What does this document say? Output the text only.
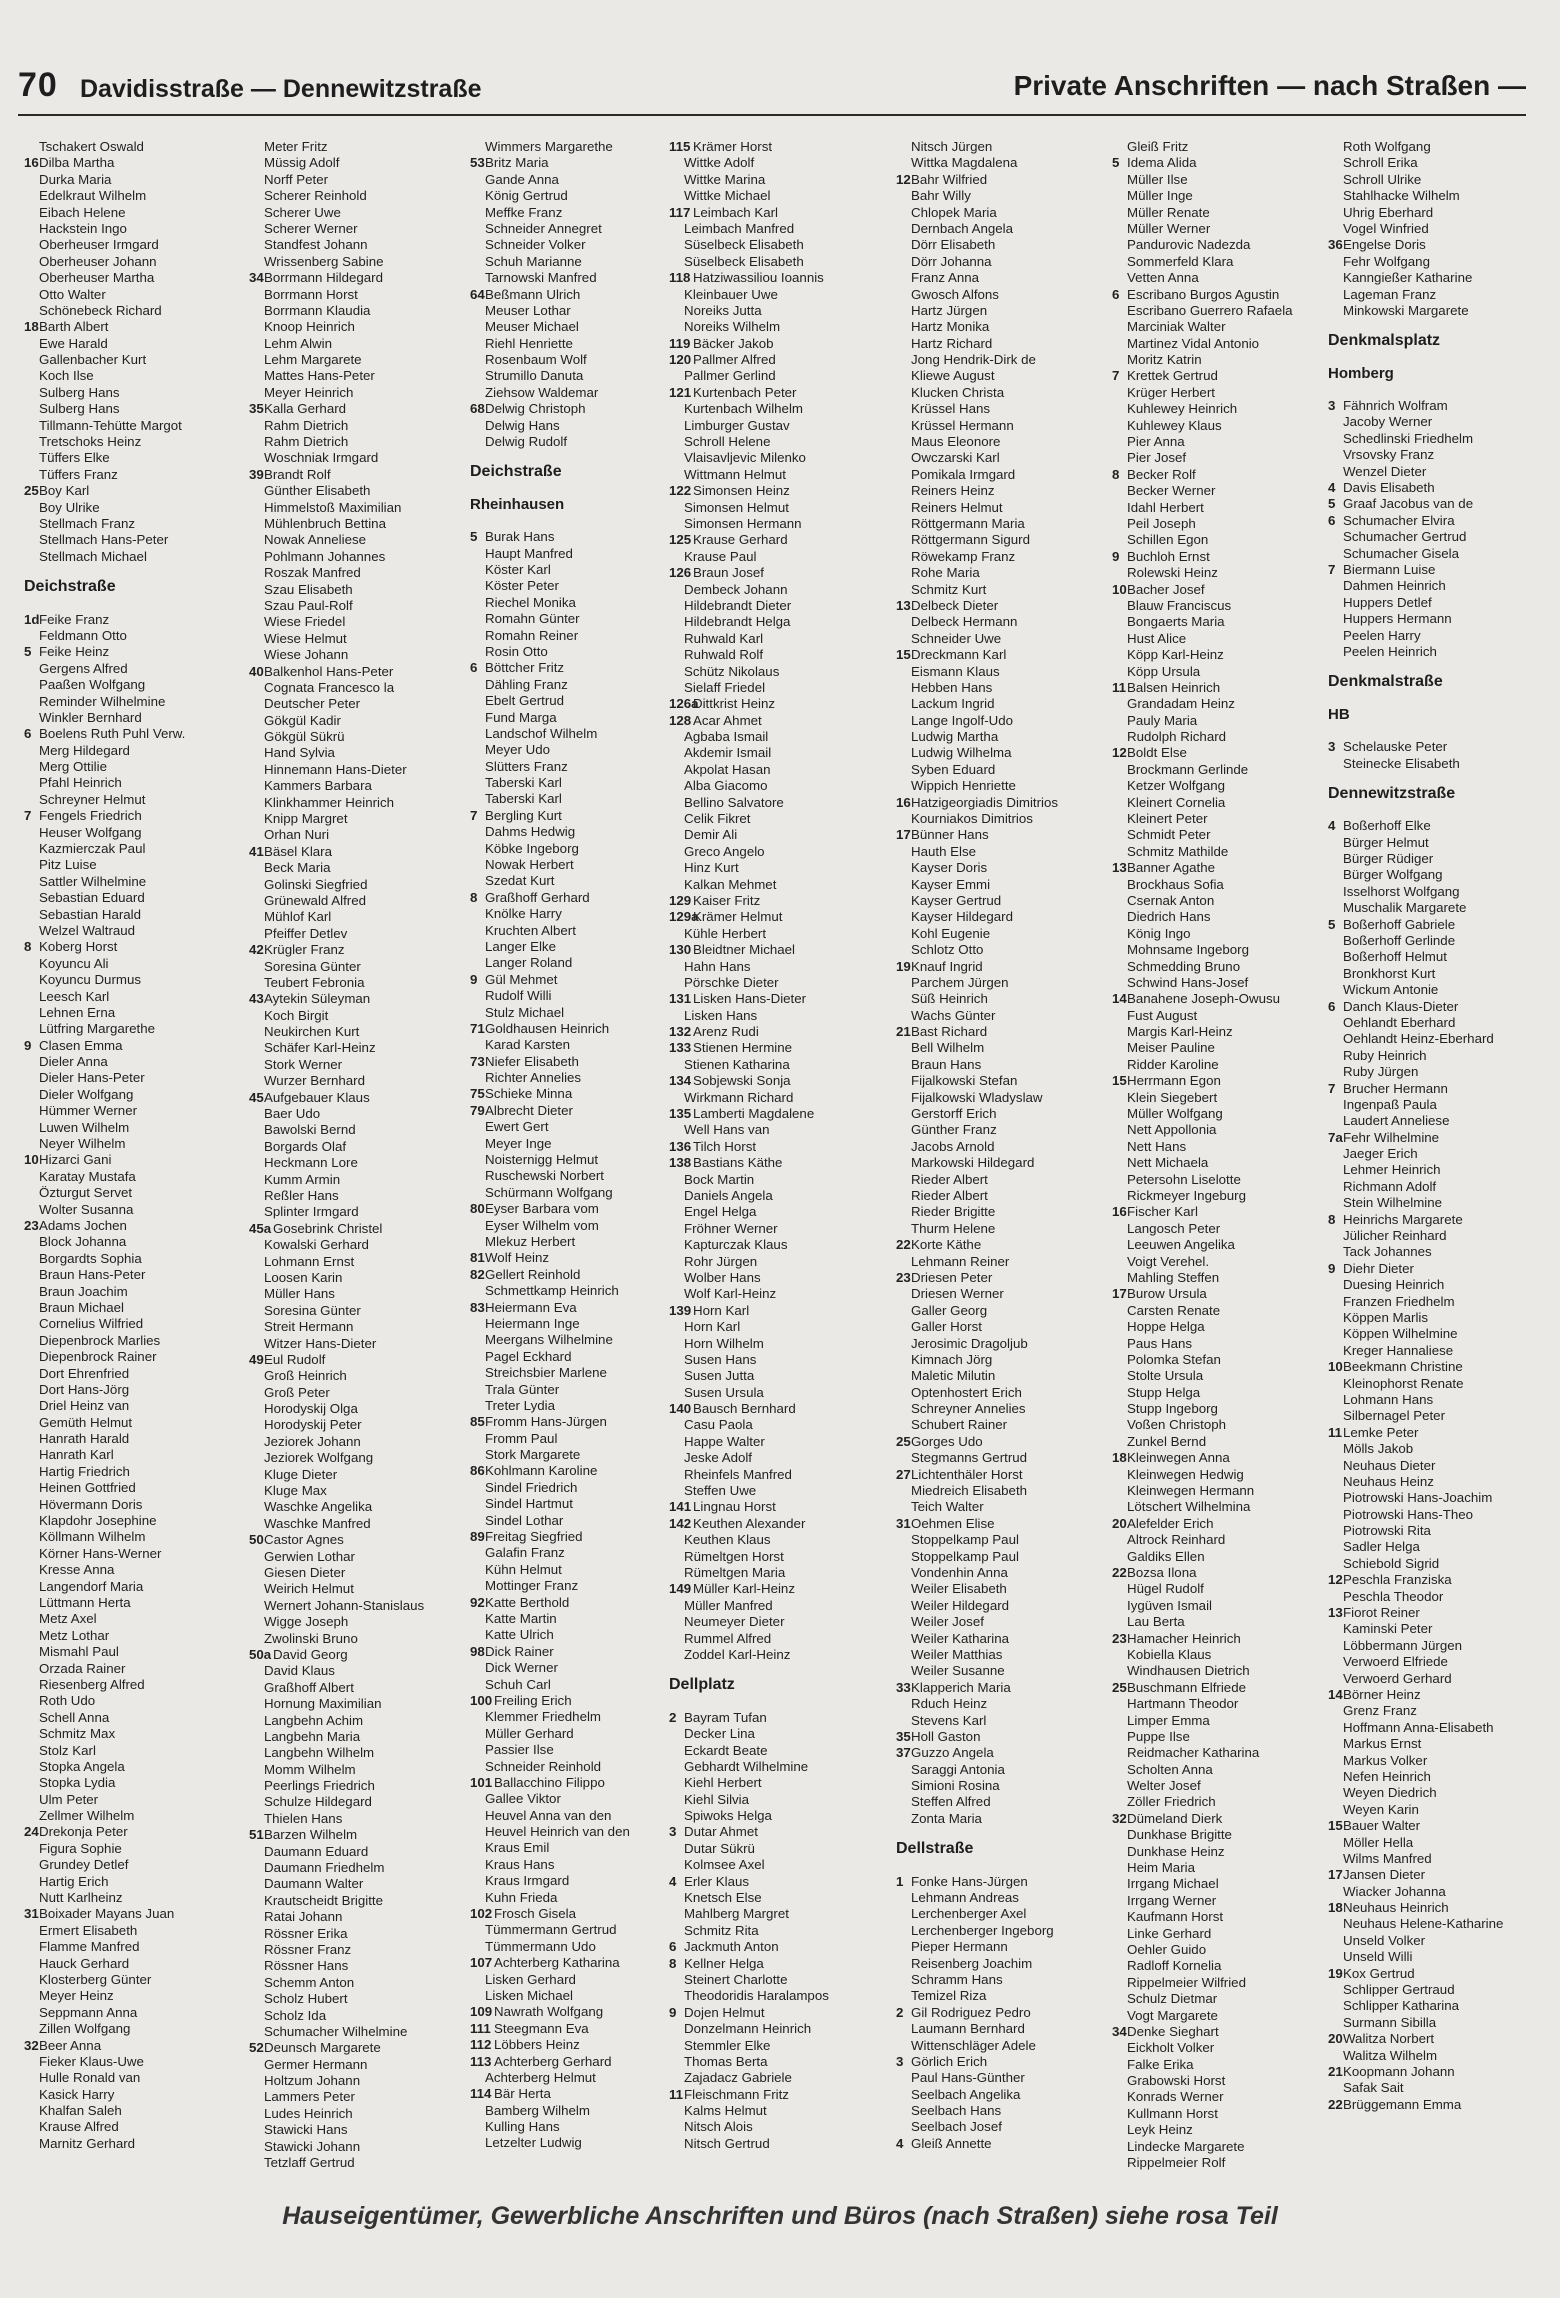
70 Davidisstraße — Dennewitzstraße	Private Anschriften — nach Straßen —
Tschakert Oswald
16 Dilba Martha
Durka Maria
Edelkraut Wilhelm
Eibach Helene
Hackstein Ingo
Oberheuser Irmgard
Oberheuser Johann
Oberheuser Martha
Otto Walter
Schönebeck Richard
18 Barth Albert
Ewe Harald
Gallenbacher Kurt
Koch Ilse
Sulberg Hans
Sulberg Hans
Tillmann-Tehütte Margot
Tretschoks Heinz
Tüffers Elke
Tüffers Franz
25 Boy Karl
Boy Ulrike
Stellmach Franz
Stellmach Hans-Peter
Stellmach Michael
Deichstraße
1d Feike Franz
Feldmann Otto
5 Feike Heinz
Gergens Alfred
Paaßen Wolfgang
Reminder Wilhelmine
Winkler Bernhard
6 Boelens Ruth Puhl Verw.
Merg Hildegard
Merg Ottilie
Pfahl Heinrich
Schreyner Helmut
7 Fengels Friedrich
Heuser Wolfgang
Kazmierczak Paul
Pitz Luise
Sattler Wilhelmine
Sebastian Eduard
Sebastian Harald
Welzel Waltraud
8 Koberg Horst
Koyuncu Ali
Koyuncu Durmus
Leesch Karl
Lehnen Erna
Lütfring Margarethe
9 Clasen Emma
Dieler Anna
Dieler Hans-Peter
Dieler Wolfgang
Hümmer Werner
Luwen Wilhelm
Neyer Wilhelm
10 Hizarci Gani
Karatay Mustafa
Özturgut Servet
Wolter Susanna
23 Adams Jochen
Block Johanna
Borgardts Sophia
Braun Hans-Peter
Braun Joachim
Braun Michael
Cornelius Wilfried
Diepenbrock Marlies
Diepenbrock Rainer
Dort Ehrenfried
Dort Hans-Jörg
Driel Heinz van
Gemüth Helmut
Hanrath Harald
Hanrath Karl
Hartig Friedrich
Heinen Gottfried
Hövermann Doris
Klapdohr Josephine
Köllmann Wilhelm
Körner Hans-Werner
Kresse Anna
Langendorf Maria
Lüttmann Herta
Metz Axel
Metz Lothar
Mismahl Paul
Orzada Rainer
Riesenberg Alfred
Roth Udo
Schell Anna
Schmitz Max
Stolz Karl
Stopka Angela
Stopka Lydia
Ulm Peter
Zellmer Wilhelm
24 Drekonja Peter
Figura Sophie
Grundey Detlef
Hartig Erich
Nutt Karlheinz
31 Boixader Mayans Juan
Ermert Elisabeth
Flamme Manfred
Hauck Gerhard
Klosterberg Günter
Meyer Heinz
Seppmann Anna
Zillen Wolfgang
32 Beer Anna
Fieker Klaus-Uwe
Hulle Ronald van
Kasick Harry
Khalfan Saleh
Krause Alfred
Marnitz Gerhard
Meter Fritz
Müssig Adolf
Norff Peter
Scherer Reinhold
Scherer Uwe
Scherer Werner
Standfest Johann
Wrissenberg Sabine
34 Borrmann Hildegard
Borrmann Horst
Borrmann Klaudia
Knoop Heinrich
Lehm Alwin
Lehm Margarete
Mattes Hans-Peter
Meyer Heinrich
35 Kalla Gerhard
Rahm Dietrich
Rahm Dietrich
Woschniak Irmgard
39 Brandt Rolf
Günther Elisabeth
Himmelstoß Maximilian
Mühlenbruch Bettina
Nowak Anneliese
Pohlmann Johannes
Roszak Manfred
Szau Elisabeth
Szau Paul-Rolf
Wiese Friedel
Wiese Helmut
Wiese Johann
40 Balkenhol Hans-Peter
Cognata Francesco la
Deutscher Peter
Gökgül Kadir
Gökgül Sükrü
Hand Sylvia
Hinnemann Hans-Dieter
Kammers Barbara
Klinkhammer Heinrich
Knipp Margret
Orhan Nuri
41 Bäsel Klara
Beck Maria
Golinski Siegfried
Grünewald Alfred
Mühlof Karl
Pfeiffer Detlev
42 Krügler Franz
Soresina Günter
Teubert Febronia
43 Aytekin Süleyman
Koch Birgit
Neukirchen Kurt
Schäfer Karl-Heinz
Stork Werner
Wurzer Bernhard
45 Aufgebauer Klaus
Baer Udo
Bawolski Bernd
Borgards Olaf
Heckmann Lore
Kumm Armin
Reßler Hans
Splinter Irmgard
45a Gosebrink Christel
Kowalski Gerhard
Lohmann Ernst
Loosen Karin
Müller Hans
Soresina Günter
Streit Hermann
Witzer Hans-Dieter
49 Eul Rudolf
Groß Heinrich
Groß Peter
Horodyskij Olga
Horodyskij Peter
Jeziorek Johann
Jeziorek Wolfgang
Kluge Dieter
Kluge Max
Waschke Angelika
Waschke Manfred
50 Castor Agnes
Gerwien Lothar
Giesen Dieter
Weirich Helmut
Wernert Johann-Stanislaus
Wigge Joseph
Zwolinski Bruno
50a David Georg
David Klaus
Graßhoff Albert
Hornung Maximilian
Langbehn Achim
Langbehn Maria
Langbehn Wilhelm
Momm Wilhelm
Peerlings Friedrich
Schulze Hildegard
Thielen Hans
51 Barzen Wilhelm
Daumann Eduard
Daumann Friedhelm
Daumann Walter
Krautscheidt Brigitte
Ratai Johann
Rössner Erika
Rössner Franz
Rössner Hans
Schemm Anton
Scholz Hubert
Scholz Ida
Schumacher Wilhelmine
52 Deunsch Margarete
Germer Hermann
Holtzum Johann
Lammers Peter
Ludes Heinrich
Stawicki Hans
Stawicki Johann
Tetzlaff Gertrud
Wimmers Margarethe
53 Britz Maria
Gande Anna
König Gertrud
Meffke Franz
Schneider Annegret
Schneider Volker
Schuh Marianne
Tarnowski Manfred
64 Beßmann Ulrich
Meuser Lothar
Meuser Michael
Riehl Henriette
Rosenbaum Wolf
Strumillo Danuta
Ziehsow Waldemar
68 Delwig Christoph
Delwig Hans
Delwig Rudolf
Deichstraße
Rheinhausen
5 Burak Hans
Haupt Manfred
Köster Karl
Köster Peter
Riechel Monika
Romahn Günter
Romahn Reiner
Rosin Otto
6 Böttcher Fritz
Dähling Franz
Ebelt Gertrud
Fund Marga
Landschof Wilhelm
Meyer Udo
Slütters Franz
Taberski Karl
Taberski Karl
7 Bergling Kurt
Dahms Hedwig
Köbke Ingeborg
Nowak Herbert
Szedat Kurt
8 Graßhoff Gerhard
Knölke Harry
Kruchten Albert
Langer Elke
Langer Roland
9 Gül Mehmet
Rudolf Willi
Stulz Michael
71 Goldhausen Heinrich
Karad Karsten
73 Niefer Elisabeth
Richter Annelies
75 Schieke Minna
79 Albrecht Dieter
Ewert Gert
Meyer Inge
Noisternigg Helmut
Ruschewski Norbert
Schürmann Wolfgang
80 Eyser Barbara vom
Eyser Wilhelm vom
Mlekuz Herbert
81 Wolf Heinz
82 Gellert Reinhold
Schmettkamp Heinrich
83 Heiermann Eva
Heiermann Inge
Meergans Wilhelmine
Pagel Eckhard
Streichsbier Marlene
Trala Günter
Treter Lydia
85 Fromm Hans-Jürgen
Fromm Paul
Stork Margarete
86 Kohlmann Karoline
Sindel Friedrich
Sindel Hartmut
Sindel Lothar
89 Freitag Siegfried
Galafin Franz
Kühn Helmut
Mottinger Franz
92 Katte Berthold
Katte Martin
Katte Ulrich
98 Dick Rainer
Dick Werner
Schuh Carl
100 Freiling Erich
Klemmer Friedhelm
Müller Gerhard
Passier Ilse
Schneider Reinhold
101 Ballacchino Filippo
Gallee Viktor
Heuvel Anna van den
Heuvel Heinrich van den
Kraus Emil
Kraus Hans
Kraus Irmgard
Kuhn Frieda
102 Frosch Gisela
Tümmermann Gertrud
Tümmermann Udo
107 Achterberg Katharina
Lisken Gerhard
Lisken Michael
109 Nawrath Wolfgang
111 Steegmann Eva
112 Löbbers Heinz
113 Achterberg Gerhard
Achterberg Helmut
114 Bär Herta
Bamberg Wilhelm
Kulling Hans
Letzelter Ludwig
115 Krämer Horst
Wittke Adolf
Wittke Marina
Wittke Michael
117 Leimbach Karl
Leimbach Manfred
Süselbeck Elisabeth
Süselbeck Elisabeth
118 Hatziwassiliou Ioannis
Kleinbauer Uwe
Noreiks Jutta
Noreiks Wilhelm
119 Bäcker Jakob
120 Pallmer Alfred
Pallmer Gerlind
121 Kurtenbach Peter
Kurtenbach Wilhelm
Limburger Gustav
Schroll Helene
Vlaisavljevic Milenko
Wittmann Helmut
122 Simonsen Heinz
Simonsen Helmut
Simonsen Hermann
125 Krause Gerhard
Krause Paul
126 Braun Josef
Dembeck Johann
Hildebrandt Dieter
Hildebrandt Helga
Ruhwald Karl
Ruhwald Rolf
Schütz Nikolaus
Sielaff Friedel
126a
Dittkrist Heinz
128 Acar Ahmet
Agbaba Ismail
Akdemir Ismail
Akpolat Hasan
Alba Giacomo
Bellino Salvatore
Celik Fikret
Demir Ali
Greco Angelo
Hinz Kurt
Kalkan Mehmet
129 Kaiser Fritz
129a
Krämer Helmut
Kühle Herbert
130 Bleidtner Michael
Hahn Hans
Pörschke Dieter
131 Lisken Hans-Dieter
Lisken Hans
132 Arenz Rudi
133 Stienen Hermine
Stienen Katharina
134 Sobjewski Sonja
Wirkmann Richard
135 Lamberti Magdalene
Well Hans van
136 Tilch Horst
138 Bastians Käthe
Bock Martin
Daniels Angela
Engel Helga
Fröhner Werner
Kapturczak Klaus
Rohr Jürgen
Wolber Hans
Wolf Karl-Heinz
139 Horn Karl
Horn Karl
Horn Wilhelm
Susen Hans
Susen Jutta
Susen Ursula
140 Bausch Bernhard
Casu Paola
Happe Walter
Jeske Adolf
Rheinfels Manfred
Steffen Uwe
141 Lingnau Horst
142 Keuthen Alexander
Keuthen Klaus
Rümeltgen Horst
Rümeltgen Maria
149 Müller Karl-Heinz
Müller Manfred
Neumeyer Dieter
Rummel Alfred
Zoddel Karl-Heinz
Dellplatz
2 Bayram Tufan
Decker Lina
Eckardt Beate
Gebhardt Wilhelmine
Kiehl Herbert
Kiehl Silvia
Spiwoks Helga
3 Dutar Ahmet
Dutar Sükrü
Kolmsee Axel
4 Erler Klaus
Knetsch Else
Mahlberg Margret
Schmitz Rita
6 Jackmuth Anton
8 Kellner Helga
Steinert Charlotte
Theodoridis Haralampos
9 Dojen Helmut
Donzelmann Heinrich
Stemmler Elke
Thomas Berta
Zajadacz Gabriele
11 Fleischmann Fritz
Kalms Helmut
Nitsch Alois
Nitsch Gertrud
Nitsch Jürgen
Wittka Magdalena
12 Bahr Wilfried
Bahr Willy
Chlopek Maria
Dernbach Angela
Dörr Elisabeth
Dörr Johanna
Franz Anna
Gwosch Alfons
Hartz Jürgen
Hartz Monika
Hartz Richard
Jong Hendrik-Dirk de
Kliewe August
Klucken Christa
Krüssel Hans
Krüssel Hermann
Maus Eleonore
Owczarski Karl
Pomikala Irmgard
Reiners Heinz
Reiners Helmut
Röttgermann Maria
Röttgermann Sigurd
Röwekamp Franz
Rohe Maria
Schmitz Kurt
13 Delbeck Dieter
Delbeck Hermann
Schneider Uwe
15 Dreckmann Karl
Eismann Klaus
Hebben Hans
Lackum Ingrid
Lange Ingolf-Udo
Ludwig Martha
Ludwig Wilhelma
Syben Eduard
Wippich Henriette
16 Hatzigeorgiadis Dimitrios
Kourniakos Dimitrios
17 Bünner Hans
Hauth Else
Kayser Doris
Kayser Emmi
Kayser Gertrud
Kayser Hildegard
Kohl Eugenie
Schlotz Otto
19 Knauf Ingrid
Parchem Jürgen
Süß Heinrich
Wachs Günter
21 Bast Richard
Bell Wilhelm
Braun Hans
Fijalkowski Stefan
Fijalkowski Wladyslaw
Gerstorff Erich
Günther Franz
Jacobs Arnold
Markowski Hildegard
Rieder Albert
Rieder Albert
Rieder Brigitte
Thurm Helene
22 Korte Käthe
Lehmann Reiner
23 Driesen Peter
Driesen Werner
Galler Georg
Galler Horst
Jerosimic Dragoljub
Kimnach Jörg
Maletic Milutin
Optenhostert Erich
Schreyner Annelies
Schubert Rainer
25 Gorges Udo
Stegmanns Gertrud
27 Lichtenthäler Horst
Miedreich Elisabeth
Teich Walter
31 Oehmen Elise
Stoppelkamp Paul
Stoppelkamp Paul
Vondenhin Anna
Weiler Elisabeth
Weiler Hildegard
Weiler Josef
Weiler Katharina
Weiler Matthias
Weiler Susanne
33 Klapperich Maria
Rduch Heinz
Stevens Karl
35 Holl Gaston
37 Guzzo Angela
Saraggi Antonia
Simioni Rosina
Steffen Alfred
Zonta Maria
Dellstraße
1 Fonke Hans-Jürgen
Lehmann Andreas
Lerchenberger Axel
Lerchenberger Ingeborg
Pieper Hermann
Reisenberg Joachim
Schramm Hans
Temizel Riza
2 Gil Rodriguez Pedro
Laumann Bernhard
Wittenschläger Adele
3 Görlich Erich
Paul Hans-Günther
Seelbach Angelika
Seelbach Hans
Seelbach Josef
4 Gleiß Annette
Gleiß Fritz
5 Idema Alida
Müller Ilse
Müller Inge
Müller Renate
Müller Werner
Pandurovic Nadezda
Sommerfeld Klara
Vetten Anna
6 Escribano Burgos Agustin
Escribano Guerrero Rafaela
Marciniak Walter
Martinez Vidal Antonio
Moritz Katrin
7 Krettek Gertrud
Krüger Herbert
Kuhlewey Heinrich
Kuhlewey Klaus
Pier Anna
Pier Josef
8 Becker Rolf
Becker Werner
Idahl Herbert
Peil Joseph
Schillen Egon
9 Buchloh Ernst
Rolewski Heinz
10 Bacher Josef
Blauw Franciscus
Bongaerts Maria
Hust Alice
Köpp Karl-Heinz
Köpp Ursula
11 Balsen Heinrich
Grandadam Heinz
Pauly Maria
Rudolph Richard
12 Boldt Else
Brockmann Gerlinde
Ketzer Wolfgang
Kleinert Cornelia
Kleinert Peter
Schmidt Peter
Schmitz Mathilde
13 Banner Agathe
Brockhaus Sofia
Csernak Anton
Diedrich Hans
König Ingo
Mohnsame Ingeborg
Schmedding Bruno
Schwind Hans-Josef
14 Banahene Joseph-Owusu
Fust August
Margis Karl-Heinz
Meiser Pauline
Ridder Karoline
15 Herrmann Egon
Klein Siegebert
Müller Wolfgang
Nett Appollonia
Nett Hans
Nett Michaela
Petersohn Liselotte
Rickmeyer Ingeburg
16 Fischer Karl
Langosch Peter
Leeuwen Angelika
Voigt Verehel.
Mahling Steffen
17 Burow Ursula
Carsten Renate
Hoppe Helga
Paus Hans
Polomka Stefan
Stolte Ursula
Stupp Helga
Stupp Ingeborg
Voßen Christoph
Zunkel Bernd
18 Kleinwegen Anna
Kleinwegen Hedwig
Kleinwegen Hermann
Lötschert Wilhelmina
20 Alefelder Erich
Altrock Reinhard
Galdiks Ellen
22 Bozsa Ilona
Hügel Rudolf
Iygüven Ismail
Lau Berta
23 Hamacher Heinrich
Kobiella Klaus
Windhausen Dietrich
25 Buschmann Elfriede
Hartmann Theodor
Limper Emma
Puppe Ilse
Reidmacher Katharina
Scholten Anna
Welter Josef
Zöller Friedrich
32 Dümeland Dierk
Dunkhase Brigitte
Dunkhase Heinz
Heim Maria
Irrgang Michael
Irrgang Werner
Kaufmann Horst
Linke Gerhard
Oehler Guido
Radloff Kornelia
Rippelmeier Wilfried
Schulz Dietmar
Vogt Margarete
34 Denke Sieghart
Eickholt Volker
Falke Erika
Grabowski Horst
Konrads Werner
Kullmann Horst
Leyk Heinz
Lindecke Margarete
Rippelmeier Rolf
Roth Wolfgang
Schroll Erika
Schroll Ulrike
Stahlhacke Wilhelm
Uhrig Eberhard
Vogel Winfried
36 Engelse Doris
Fehr Wolfgang
Kanngießer Katharine
Lageman Franz
Minkowski Margarete
Denkmalsplatz
Homberg
3 Fähnrich Wolfram
Jacoby Werner
Schedlinski Friedhelm
Vrsovsky Franz
Wenzel Dieter
4 Davis Elisabeth
5 Graaf Jacobus van de
6 Schumacher Elvira
Schumacher Gertrud
Schumacher Gisela
7 Biermann Luise
Dahmen Heinrich
Huppers Detlef
Huppers Hermann
Peelen Harry
Peelen Heinrich
Denkmalstraße
HB
3 Schelauske Peter
Steinecke Elisabeth
Dennewitzstraße
4 Boßerhoff Elke
Bürger Helmut
Bürger Rüdiger
Bürger Wolfgang
Isselhorst Wolfgang
Muschalik Margarete
5 Boßerhoff Gabriele
Boßerhoff Gerlinde
Boßerhoff Helmut
Bronkhorst Kurt
Wickum Antonie
6 Danch Klaus-Dieter
Oehlandt Eberhard
Oehlandt Heinz-Eberhard
Ruby Heinrich
Ruby Jürgen
7 Brucher Hermann
Ingenpaß Paula
Laudert Anneliese
7a Fehr Wilhelmine
Jaeger Erich
Lehmer Heinrich
Richmann Adolf
Stein Wilhelmine
8 Heinrichs Margarete
Jülicher Reinhard
Tack Johannes
9 Diehr Dieter
Duesing Heinrich
Franzen Friedhelm
Köppen Marlis
Köppen Wilhelmine
Kreger Hannaliese
10 Beekmann Christine
Kleinophorst Renate
Lohmann Hans
Silbernagel Peter
11 Lemke Peter
Mölls Jakob
Neuhaus Dieter
Neuhaus Heinz
Piotrowski Hans-Joachim
Piotrowski Hans-Theo
Piotrowski Rita
Sadler Helga
Schiebold Sigrid
12 Peschla Franziska
Peschla Theodor
13 Fiorot Reiner
Kaminski Peter
Löbbermann Jürgen
Verwoerd Elfriede
Verwoerd Gerhard
14 Börner Heinz
Grenz Franz
Hoffmann Anna-Elisabeth
Markus Ernst
Markus Volker
Nefen Heinrich
Weyen Diedrich
Weyen Karin
15 Bauer Walter
Möller Hella
Wilms Manfred
17 Jansen Dieter
Wiacker Johanna
18 Neuhaus Heinrich
Neuhaus Helene-Katharine
Unseld Volker
Unseld Willi
19 Kox Gertrud
Schlipper Gertraud
Schlipper Katharina
Surmann Sibilla
20 Walitza Norbert
Walitza Wilhelm
21 Koopmann Johann
Safak Sait
22 Brüggemann Emma
Hauseigentümer, Gewerbliche Anschriften und Büros (nach Straßen) siehe rosa Teil
